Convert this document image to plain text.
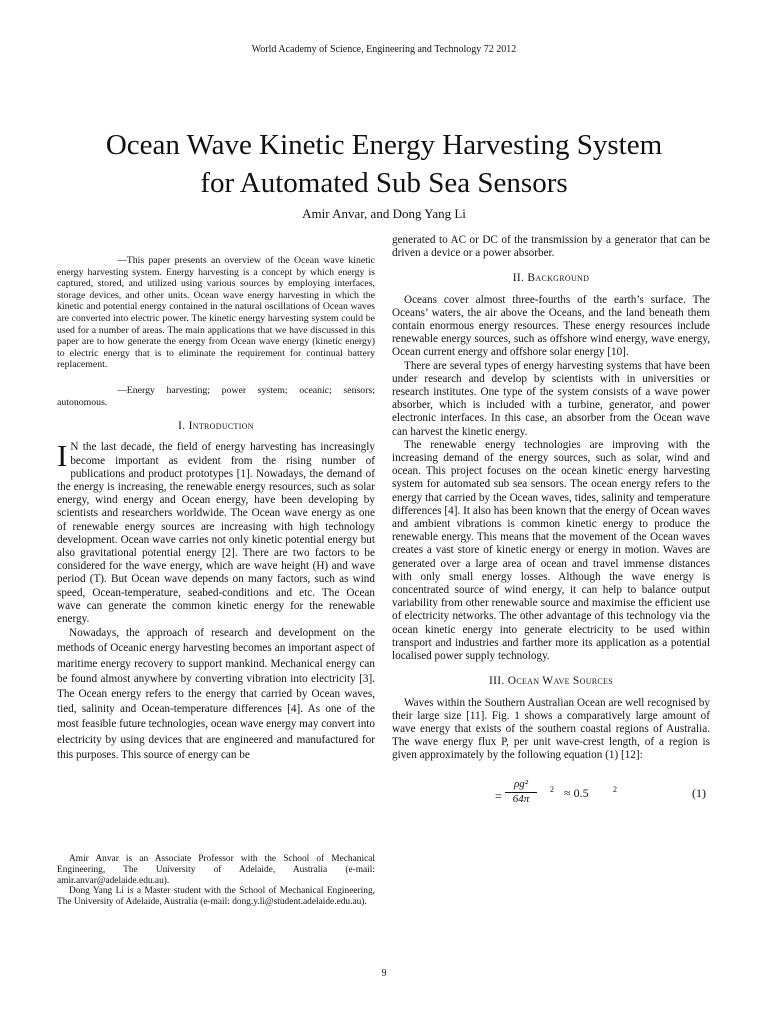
World Academy of Science, Engineering and Technology 72 2012
Ocean Wave Kinetic Energy Harvesting System
for Automated Sub Sea Sensors
Amir Anvar, and Dong Yang Li

—This paper presents an overview of the Ocean wave kinetic energy harvesting system. Energy harvesting is a concept by which energy is captured, stored, and utilized using various sources by employing interfaces, storage devices, and other units. Ocean wave energy harvesting in which the kinetic and potential energy contained in the natural oscillations of Ocean waves are converted into electric power. The kinetic energy harvesting system could be used for a number of areas. The main applications that we have discussed in this paper are to how generate the energy from Ocean wave energy (kinetic energy) to electric energy that is to eliminate the requirement for continual battery replacement.

—Energy harvesting; power system; oceanic; sensors; autonomous.

I. Introduction

I N the last decade, the field of energy harvesting has increasingly become important as evident from the rising number of publications and product prototypes [1]. Nowadays, the demand of the energy is increasing, the renewable energy resources, such as solar energy, wind energy and Ocean energy, have been developing by scientists and researchers worldwide. The Ocean wave energy as one of renewable energy sources are increasing with high technology development. Ocean wave carries not only kinetic potential energy but also gravitational potential energy [2]. There are two factors to be considered for the wave energy, which are wave height (H) and wave period (T). But Ocean wave depends on many factors, such as wind speed, Ocean-temperature, seabed-conditions and etc. The Ocean wave can generate the common kinetic energy for the renewable energy.

Nowadays, the approach of research and development on the methods of Oceanic energy harvesting becomes an important aspect of maritime energy recovery to support mankind. Mechanical energy can be found almost anywhere by converting vibration into electricity [3]. The Ocean energy refers to the energy that carried by Ocean waves, tied, salinity and Ocean-temperature differences [4]. As one of the most feasible future technologies, ocean wave energy may convert into electricity by using devices that are engineered and manufactured for this purposes. This source of energy can be

Amir Anvar is an Associate Professor with the School of Mechanical Engineering, The University of Adelaide, Australia (e-mail: amir.anvar@adelaide.edu.au).

Dong Yang Li is a Master student with the School of Mechanical Engineering, The University of Adelaide, Australia (e-mail: dong.y.li@student.adelaide.edu.au).

generated to AC or DC of the transmission by a generator that can be driven a device or a power absorber.

II. Background

Oceans cover almost three-fourths of the earth’s surface. The Oceans’ waters, the air above the Oceans, and the land beneath them contain enormous energy resources. These energy resources include renewable energy sources, such as offshore wind energy, wave energy, Ocean current energy and offshore solar energy [10].

There are several types of energy harvesting systems that have been under research and develop by scientists with in universities or research institutes. One type of the system consists of a wave power absorber, which is included with a turbine, generator, and power electronic interfaces. In this case, an absorber from the Ocean wave can harvest the kinetic energy.

The renewable energy technologies are improving with the increasing demand of the energy sources, such as solar, wind and ocean. This project focuses on the ocean kinetic energy harvesting system for automated sub sea sensors. The ocean energy refers to the energy that carried by the Ocean waves, tides, salinity and temperature differences [4]. It also has been known that the energy of Ocean waves and ambient vibrations is common kinetic energy to produce the renewable energy. This means that the movement of the Ocean waves creates a vast store of kinetic energy or energy in motion. Waves are generated over a large area of ocean and travel immense distances with only small energy losses. Although the wave energy is concentrated source of wind energy, it can help to balance output variability from other renewable source and maximise the efficient use of electricity networks. The other advantage of this technology via the ocean kinetic energy into generate electricity to be used within transport and industries and farther more its application as a potential localised power supply technology.

III. Ocean Wave Sources

Waves within the Southern Australian Ocean are well recognised by their large size [11]. Fig. 1 shows a comparatively large amount of wave energy that exists of the southern coastal regions of Australia. The wave energy flux P, per unit wave-crest length, of a region is given approximately by the following equation (1) [12]:

= $\frac{\text{ρg²}}{64\pi} 2 \approx 0.5$	2	(1)
9
